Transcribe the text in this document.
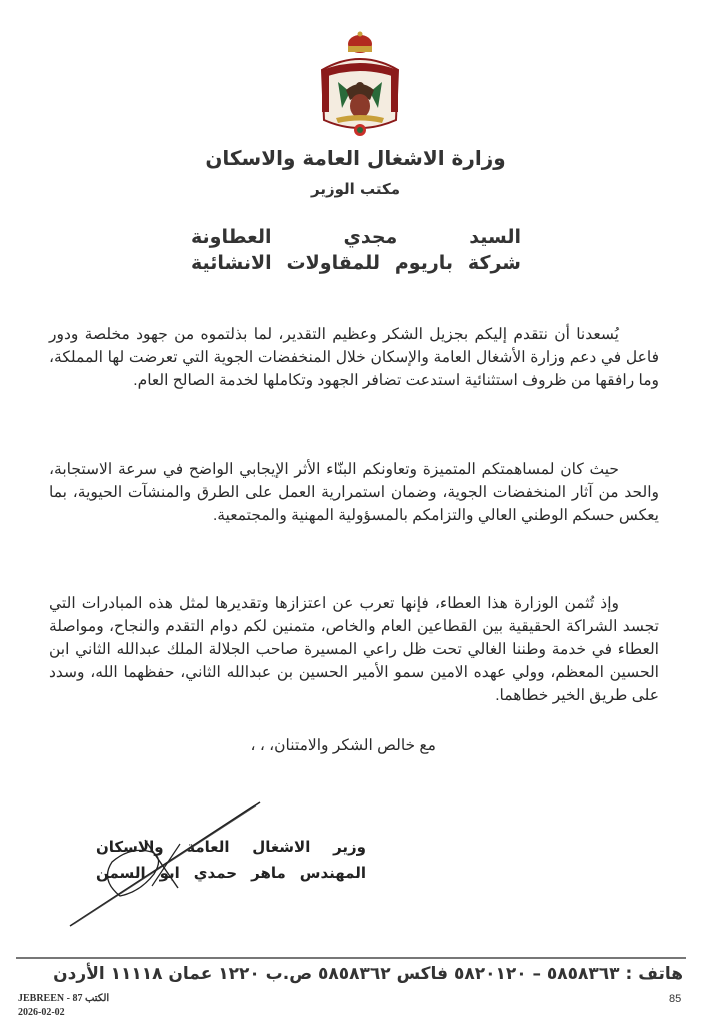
وزارة الاشغال العامة والاسكان
مكتب الوزير
السيد مجدي العطاونة
شركة باريوم للمقاولات الانشائية
يُسعدنا أن نتقدم إليكم بجزيل الشكر وعظيم التقدير، لما بذلتموه من جهود مخلصة ودور فاعل في دعم وزارة الأشغال العامة والإسكان خلال المنخفضات الجوية التي تعرضت لها المملكة، وما رافقها من ظروف استثنائية استدعت تضافر الجهود وتكاملها لخدمة الصالح العام.
حيث كان لمساهمتكم المتميزة وتعاونكم البنّاء الأثر الإيجابي الواضح في سرعة الاستجابة، والحد من آثار المنخفضات الجوية، وضمان استمرارية العمل على الطرق والمنشآت الحيوية، بما يعكس حسكم الوطني العالي والتزامكم بالمسؤولية المهنية والمجتمعية.
وإذ تُثمن الوزارة هذا العطاء، فإنها تعرب عن اعتزازها وتقديرها لمثل هذه المبادرات التي تجسد الشراكة الحقيقية بين القطاعين العام والخاص، متمنين لكم دوام التقدم والنجاح، ومواصلة العطاء في خدمة وطننا الغالي تحت ظل راعي المسيرة صاحب الجلالة الملك عبدالله الثاني ابن الحسين المعظم، وولي عهده الامين سمو الأمير الحسين بن عبدالله الثاني، حفظهما الله، وسدد على طريق الخير خطاهما.
مع خالص الشكر والامتنان، ، ،
وزير الاشغال العامة والاسكان
المهندس ماهر حمدي ابو السمن
هاتف : ٥٨٥٨٣٦٣ – ٥٨٢٠١٢٠ فاكس ٥٨٥٨٣٦٢ ص.ب ١٢٢٠ عمان ١١١١٨ الأردن
JEBREEN - 87 الكتب
2026-02-02
85
